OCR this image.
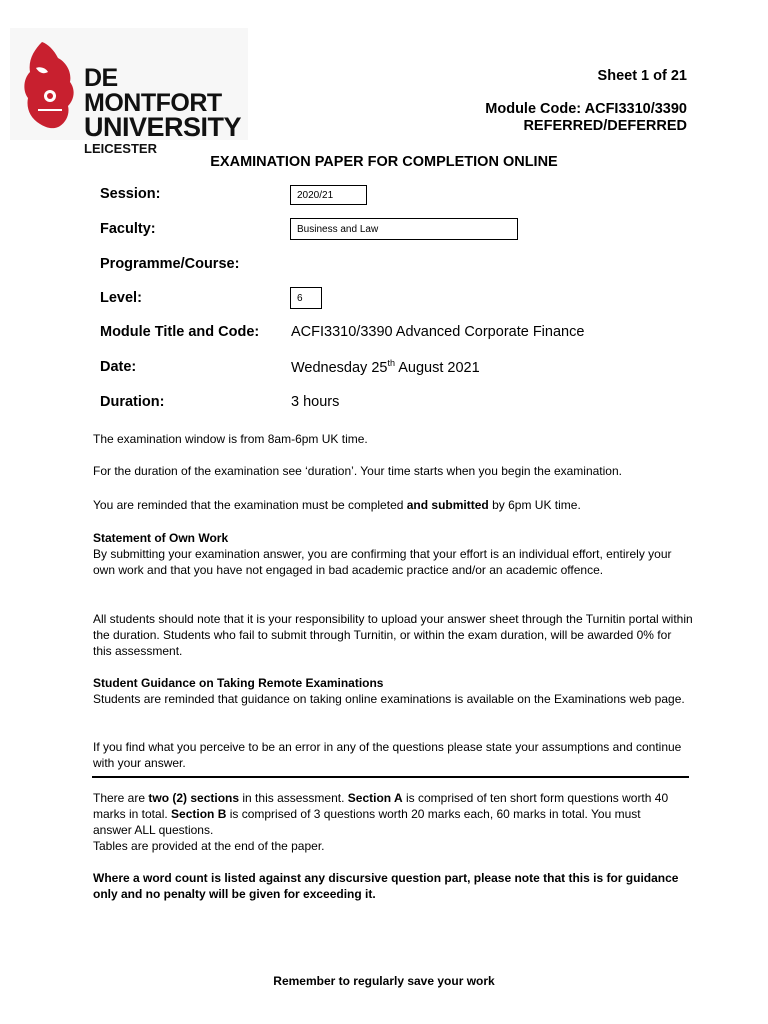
DE MONTFORT
UNIVERSITY
LEICESTER
Sheet 1 of 21
Module Code: ACFI3310/3390
REFERRED/DEFERRED
EXAMINATION PAPER FOR COMPLETION ONLINE
Session:	2020/21
Faculty:	Business and Law
Programme/Course:
Level:	6
Module Title and Code: ACFI3310/3390 Advanced Corporate Finance
Date:	Wednesday 25th August 2021
Duration:	3 hours
The examination window is from 8am-6pm UK time.
For the duration of the examination see ‘duration’. Your time starts when you begin the examination.
You are reminded that the examination must be completed and submitted by 6pm UK time.
Statement of Own Work
By submitting your examination answer, you are confirming that your effort is an individual effort, entirely your own work and that you have not engaged in bad academic practice and/or an academic offence.
All students should note that it is your responsibility to upload your answer sheet through the Turnitin portal within the duration. Students who fail to submit through Turnitin, or within the exam duration, will be awarded 0% for this assessment.
Student Guidance on Taking Remote Examinations
Students are reminded that guidance on taking online examinations is available on the Examinations web page.
If you find what you perceive to be an error in any of the questions please state your assumptions and continue with your answer.
There are two (2) sections in this assessment. Section A is comprised of ten short form questions worth 40 marks in total. Section B is comprised of 3 questions worth 20 marks each, 60 marks in total. You must answer ALL questions.
Tables are provided at the end of the paper.
Where a word count is listed against any discursive question part, please note that this is for guidance only and no penalty will be given for exceeding it.
Remember to regularly save your work
